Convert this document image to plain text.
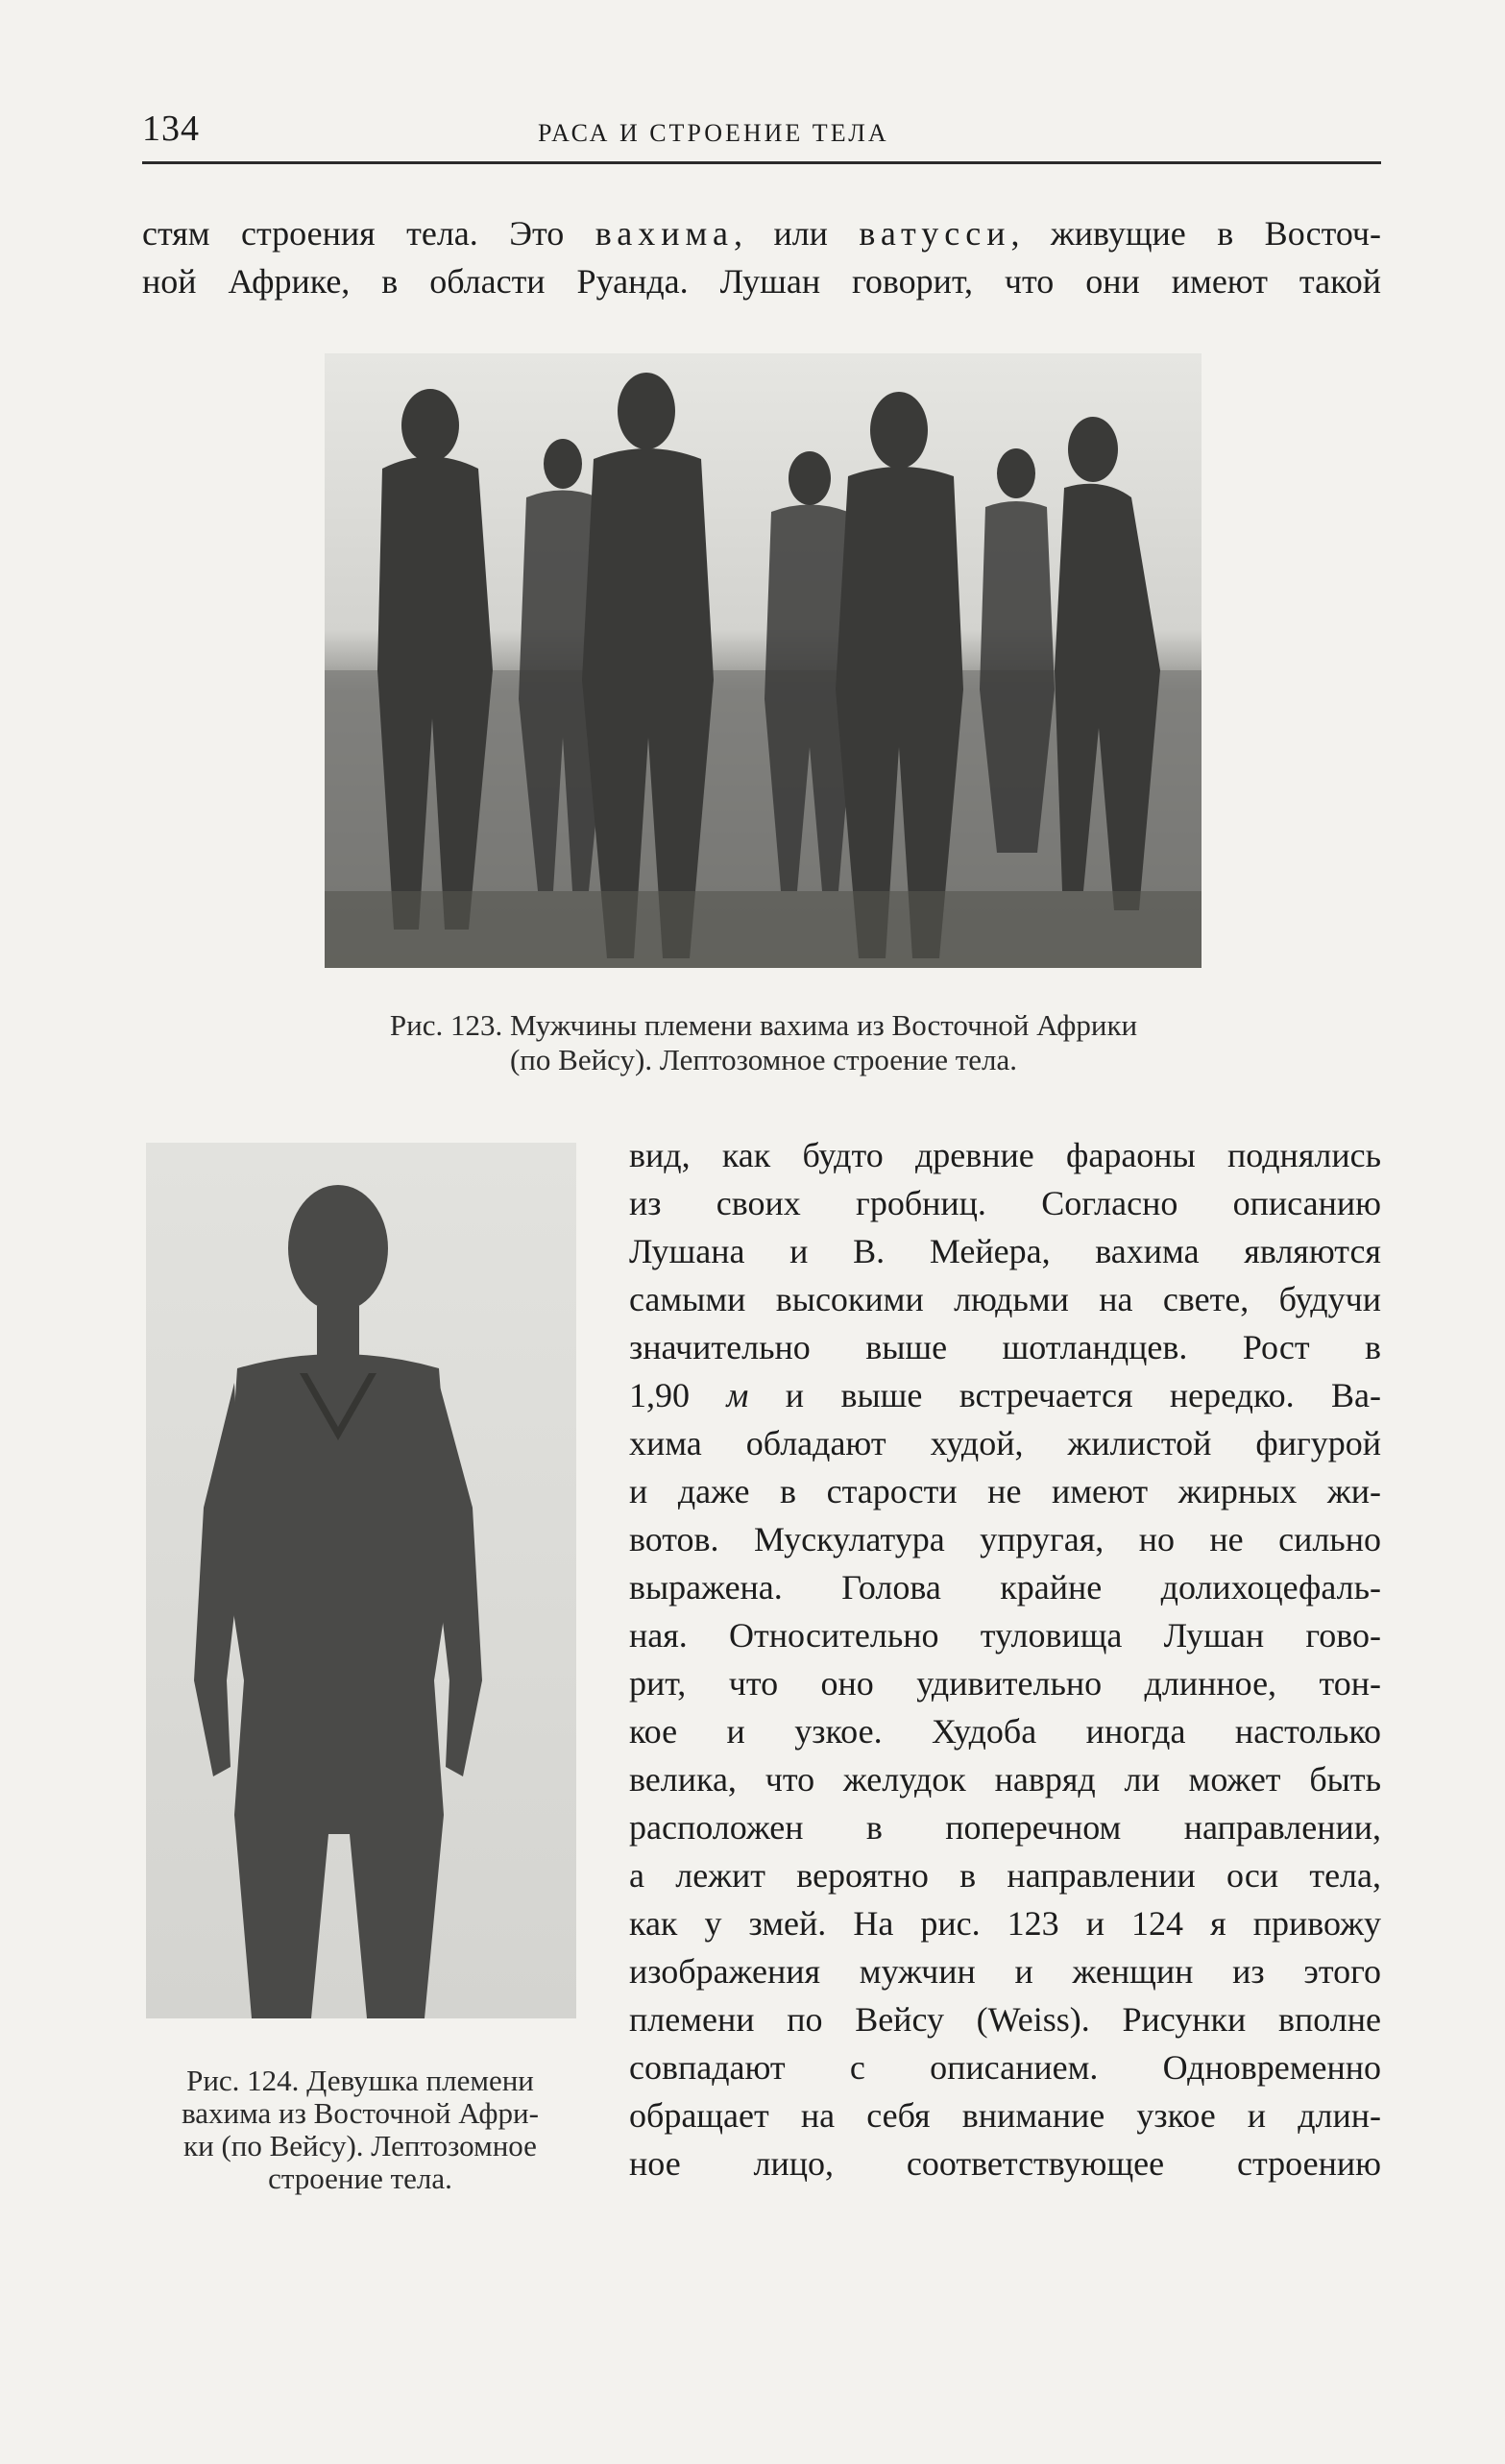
134	РАСА И СТРОЕНИЕ ТЕЛА
стям строения тела. Это вахима, или ватусси, живущие в Восточ-
ной Африке, в области Руанда. Лушан говорит, что они имеют такой
Рис. 123. Мужчины племени вахима из Восточной Африки
(по Вейсу). Лептозомное строение тела.
Рис. 124. Девушка племени
вахима из Восточной Афри-
ки (по Вейсу). Лептозомное
строение тела.
вид, как будто древние фараоны поднялись
из своих гробниц. Согласно описанию
Лушана и В. Мейера, вахима являются
самыми высокими людьми на свете, будучи
значительно выше шотландцев. Рост в
1,90 м и выше встречается нередко. Ва-
хима обладают худой, жилистой фигурой
и даже в старости не имеют жирных жи-
вотов. Мускулатура упругая, но не сильно
выражена. Голова крайне долихоцефаль-
ная. Относительно туловища Лушан гово-
рит, что оно удивительно длинное, тон-
кое и узкое. Худоба иногда настолько
велика, что желудок навряд ли может быть
расположен в поперечном направлении,
а лежит вероятно в направлении оси тела,
как у змей. На рис. 123 и 124 я привожу
изображения мужчин и женщин из этого
племени по Вейсу (Weiss). Рисунки вполне
совпадают с описанием. Одновременно
обращает на себя внимание узкое и длин-
ное лицо, соответствующее строению
